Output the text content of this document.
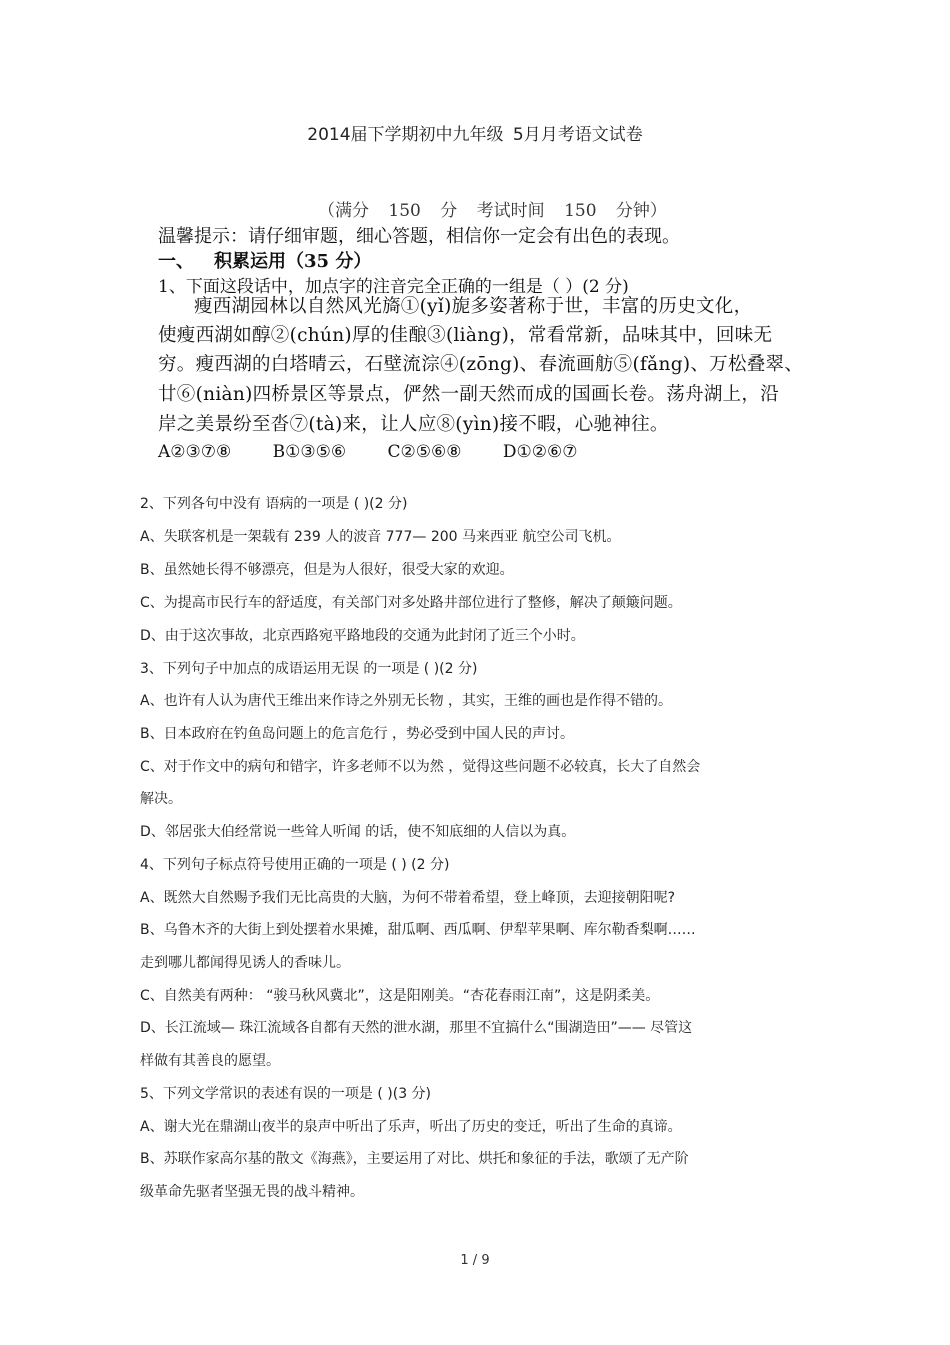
2014届下学期初中九年级 5月月考语文试卷
（满分 150 分 考试时间 150 分钟）
温馨提示：请仔细审题，细心答题，相信你一定会有出色的表现。
一、 积累运用（35 分）
1、下面这段话中，加点字的注音完全正确的一组是（ ）(2 分)
瘦西湖园林以自然风光旖①(yǐ)旎多姿著称于世，丰富的历史文化，
使瘦西湖如醇②(chún)厚的佳酿③(liàng)，常看常新，品味其中，回味无
穷。瘦西湖的白塔晴云，石壁流淙④(zōng)、春流画舫⑤(fǎng)、万松叠翠、
廿⑥(niàn)四桥景区等景点，俨然一副天然而成的国画长卷。荡舟湖上，沿
岸之美景纷至沓⑦(tà)来，让人应⑧(yìn)接不暇，心驰神往。
A②③⑦⑧ B①③⑤⑥ C②⑤⑥⑧ D①②⑥⑦
2、下列各句中没有 语病的一项是 ( )(2 分)
A、失联客机是一架载有 239 人的波音 777— 200 马来西亚 航空公司飞机。
B、虽然她长得不够漂亮，但是为人很好，很受大家的欢迎。
C、为提高市民行车的舒适度，有关部门对多处路井部位进行了整修，解决了颠簸问题。
D、由于这次事故，北京西路宛平路地段的交通为此封闭了近三个小时。
3、下列句子中加点的成语运用无误 的一项是 ( )(2 分)
A、也许有人认为唐代王维出来作诗之外别无长物 ，其实，王维的画也是作得不错的。
B、日本政府在钓鱼岛问题上的危言危行 ，势必受到中国人民的声讨。
C、对于作文中的病句和错字，许多老师不以为然 ，觉得这些问题不必较真，长大了自然会
解决。
D、邻居张大伯经常说一些耸人听闻 的话，使不知底细的人信以为真。
4、下列句子标点符号使用正确的一项是 ( ) (2 分)
A、既然大自然赐予我们无比高贵的大脑，为何不带着希望，登上峰顶，去迎接朝阳呢?
B、乌鲁木齐的大街上到处摆着水果摊，甜瓜啊、西瓜啊、伊犁苹果啊、库尔勒香梨啊……
走到哪儿都闻得见诱人的香味儿。
C、自然美有两种： “骏马秋风冀北”，这是阳刚美。“杏花春雨江南”，这是阴柔美。
D、长江流域— 珠江流域各自都有天然的泄水湖，那里不宜搞什么“围湖造田”—— 尽管这
样做有其善良的愿望。
5、下列文学常识的表述有误的一项是 ( )(3 分)
A、谢大光在鼎湖山夜半的泉声中听出了乐声，听出了历史的变迁，听出了生命的真谛。
B、苏联作家高尔基的散文《海燕》，主要运用了对比、烘托和象征的手法，歌颂了无产阶
级革命先驱者坚强无畏的战斗精神。
1 / 9
